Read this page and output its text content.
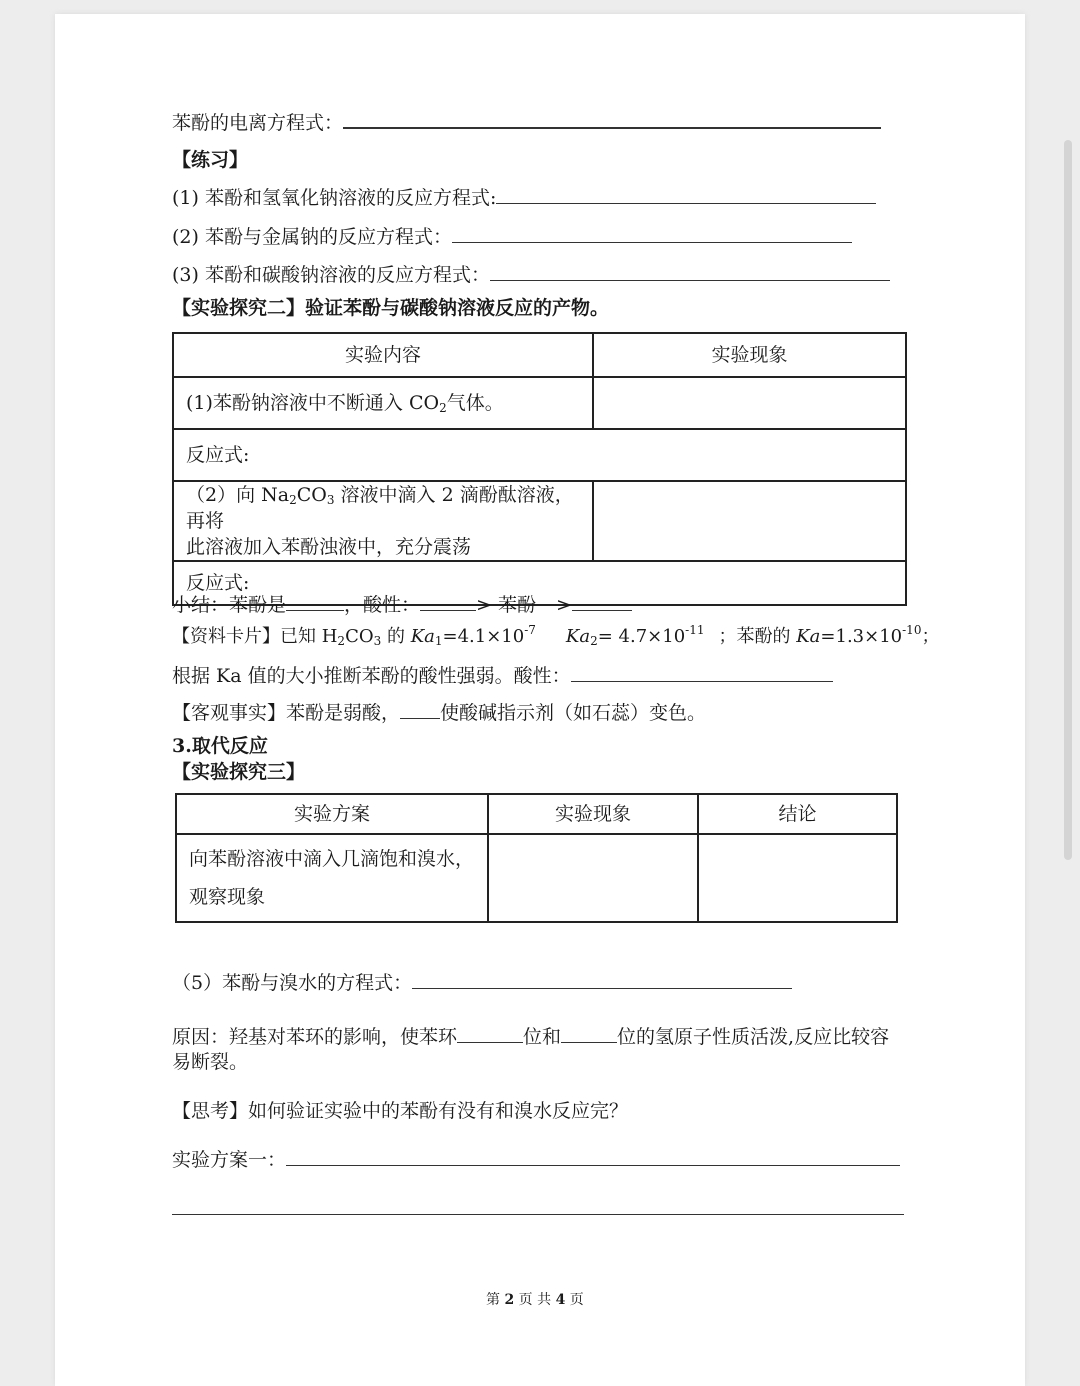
苯酚的电离方程式：
【练习】
(1) 苯酚和氢氧化钠溶液的反应方程式:
(2) 苯酚与金属钠的反应方程式：
(3) 苯酚和碳酸钠溶液的反应方程式：
【实验探究二】验证苯酚与碳酸钠溶液反应的产物。
实验内容	实验现象
(1)苯酚钠溶液中不断通入 $CO_2$气体。	
反应式:	

（2）向 $Na_2CO_3$ 溶液中滴入 2 滴酚酞溶液，再将
此溶液加入苯酚浊液中，充分震荡	

反应式:	
小结：苯酚是	，酸性：	> 苯酚 >
【资料卡片】已知 $H_2CO_3$ 的 $Ka_1=4.1\times 10^{-7}$ $Ka_2= 4.7\times 10^{-11}$ ；苯酚的 $Ka=1.3\times 10^{-10}$；
根据 Ka 值的大小推断苯酚的酸性强弱。酸性：
【客观事实】苯酚是弱酸， 使酸碱指示剂（如石蕊）变色。
3.取代反应
【实验探究三】
实验方案	实验现象	结论

向苯酚溶液中滴入几滴饱和溴水，
观察现象		

（5）苯酚与溴水的方程式：
原因：羟基对苯环的影响，使苯环	位和	位的氢原子性质活泼,反应比较容
易断裂。
【思考】如何验证实验中的苯酚有没有和溴水反应完？
实验方案一：
第 2 页 共 4 页
